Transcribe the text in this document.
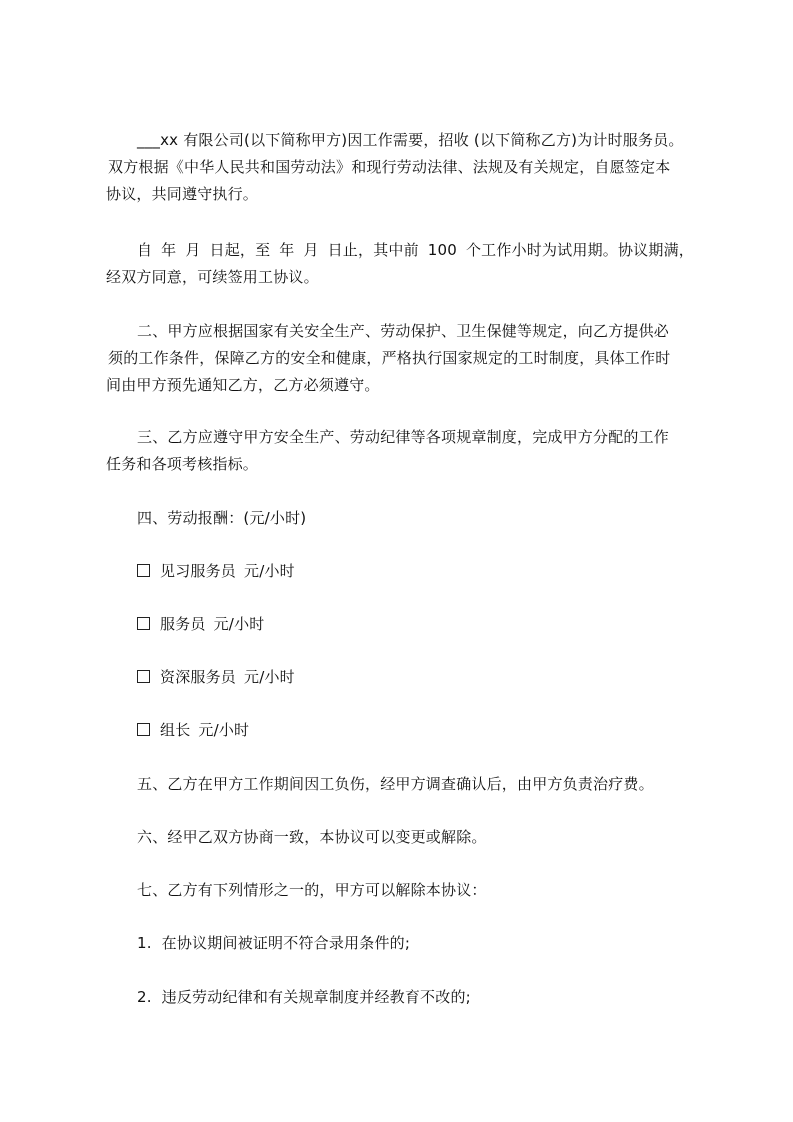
___xx 有限公司(以下简称甲方)因工作需要，招收 (以下简称乙方)为计时服务员。
双方根据《中华人民共和国劳动法》和现行劳动法律、法规及有关规定，自愿签定本
协议，共同遵守执行。
自 年 月 日起，至 年 月 日止，其中前 100 个工作小时为试用期。协议期满，
经双方同意，可续签用工协议。
二、甲方应根据国家有关安全生产、劳动保护、卫生保健等规定，向乙方提供必
须的工作条件，保障乙方的安全和健康，严格执行国家规定的工时制度，具体工作时
间由甲方预先通知乙方，乙方必须遵守。
三、乙方应遵守甲方安全生产、劳动纪律等各项规章制度，完成甲方分配的工作
任务和各项考核指标。
四、劳动报酬：(元/小时)
见习服务员 元/小时
服务员 元/小时
资深服务员 元/小时
组长 元/小时
五、乙方在甲方工作期间因工负伤，经甲方调查确认后，由甲方负责治疗费。
六、经甲乙双方协商一致，本协议可以变更或解除。
七、乙方有下列情形之一的，甲方可以解除本协议：
1. 在协议期间被证明不符合录用条件的;
2. 违反劳动纪律和有关规章制度并经教育不改的;
